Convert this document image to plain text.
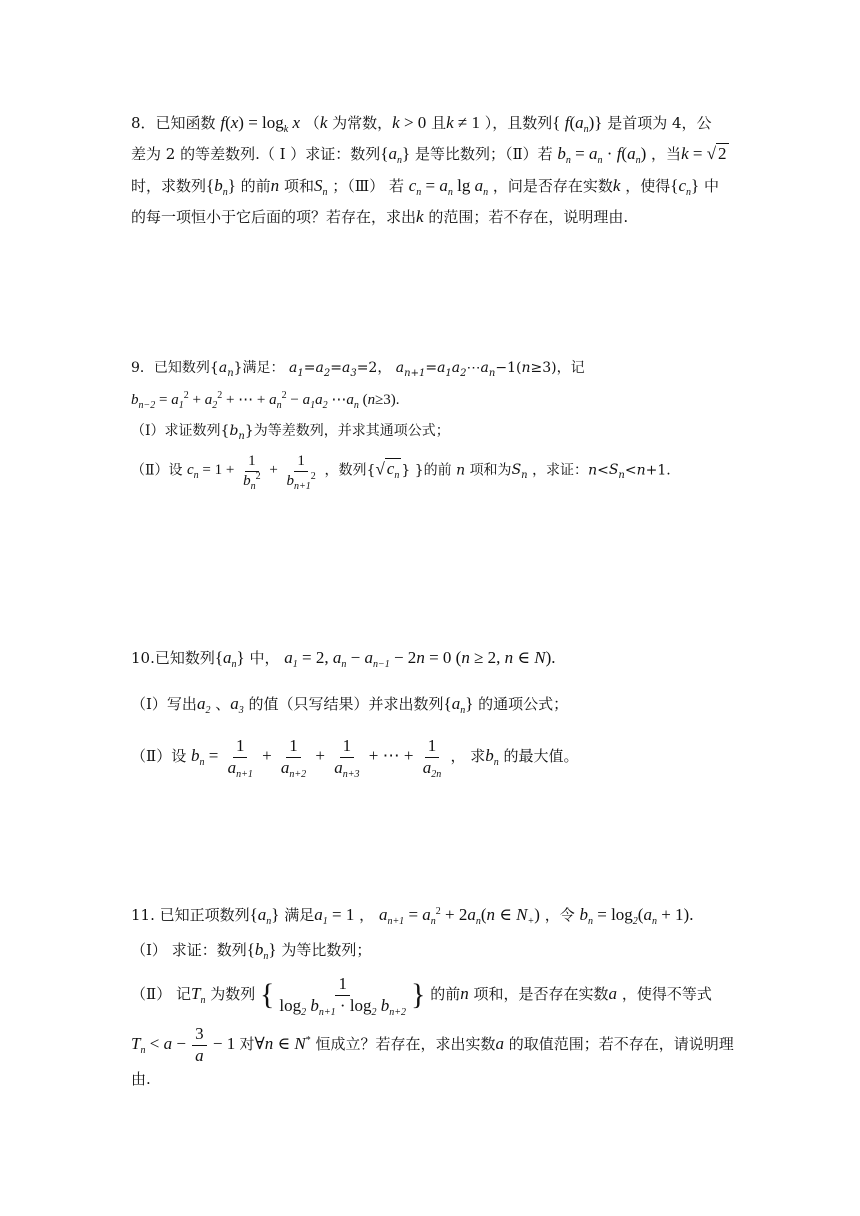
8．已知函数 $f(x) = \log_k x$ （k 为常数，k > 0 且k ≠ 1 ），且数列{ $f(a_n)$} 是首项为 4，公
差为 2 的等差数列.（ Ⅰ ）求证：数列$\{a_n\}$ 是等比数列；（Ⅱ）若 $b_n = a_n \cdot f(a_n)$ ，当k = √ 2
时，求数列$\{b_n\}$ 的前n 项和$S_n$ ；（Ⅲ） 若 $c_n = a_n$ $\lg a_n$ ，问是否存在实数k ，使得$\{c_n\}$ 中
的每一项恒小于它后面的项？若存在，求出k 的范围；若不存在，说明理由.
9．已知数列$\{a_n\}$满足： $a_1=a_2=a_3=2$， $a_{n+1}=a_1a_2\cdots a_n-1(n\ge 3)$，记
$b_{n-2} = a_1^2 + a_2^2$ + ⋯ + $a_n^2 - a_1a_2$ $\cdots a_n$ (n≥3).
（Ⅰ）求证数列$\{b_n\}$为等差数列，并求其通项公式；
（Ⅱ）设 $c_n = 1 + \frac{1}{b_n^2} + \frac{1}{b_{n+1}^2}$ ，数列{√ $c_n$ } }的前 n 项和为$S_n$ ，求证：$n<S_n<n+1$.
10.已知数列$\{a_n\}$ 中， $a_1 = 2$, $a_n - a_{n-1} - 2n = 0$ (n ≥ 2, n ∈ N).
（Ⅰ）写出$a_2$ 、$a_3$ 的值（只写结果）并求出数列$\{a_n\}$ 的通项公式；
（Ⅱ）设 $b_n = \frac{1}{a_{n+1}} + \frac{1}{a_{n+2}} + \frac{1}{a_{n+3}}$ + ⋯ + $\frac{1}{a_{2n}}$ ， 求$b_n$ 的最大值。
11. 已知正项数列$\{a_n\}$ 满足$a_1 = 1$ ， $a_{n+1} = a_n^2 + 2a_n(n$ ∈ $N_+$) ，令 $b_n = \log_2(a_n + 1)$.
（Ⅰ） 求证：数列$\{b_n\}$ 为等比数列；
（Ⅱ） 记$T_n$ 为数列 { $\frac{1}{\log_2 b_{n+1} \cdot \log_2 b_{n+2}}$ } 的前n 项和，是否存在实数a ，使得不等式
$T_n < a - \frac{3}{a} - 1$ 对∀n ∈ N* 恒成立？若存在，求出实数a 的取值范围；若不存在，请说明理
由.
